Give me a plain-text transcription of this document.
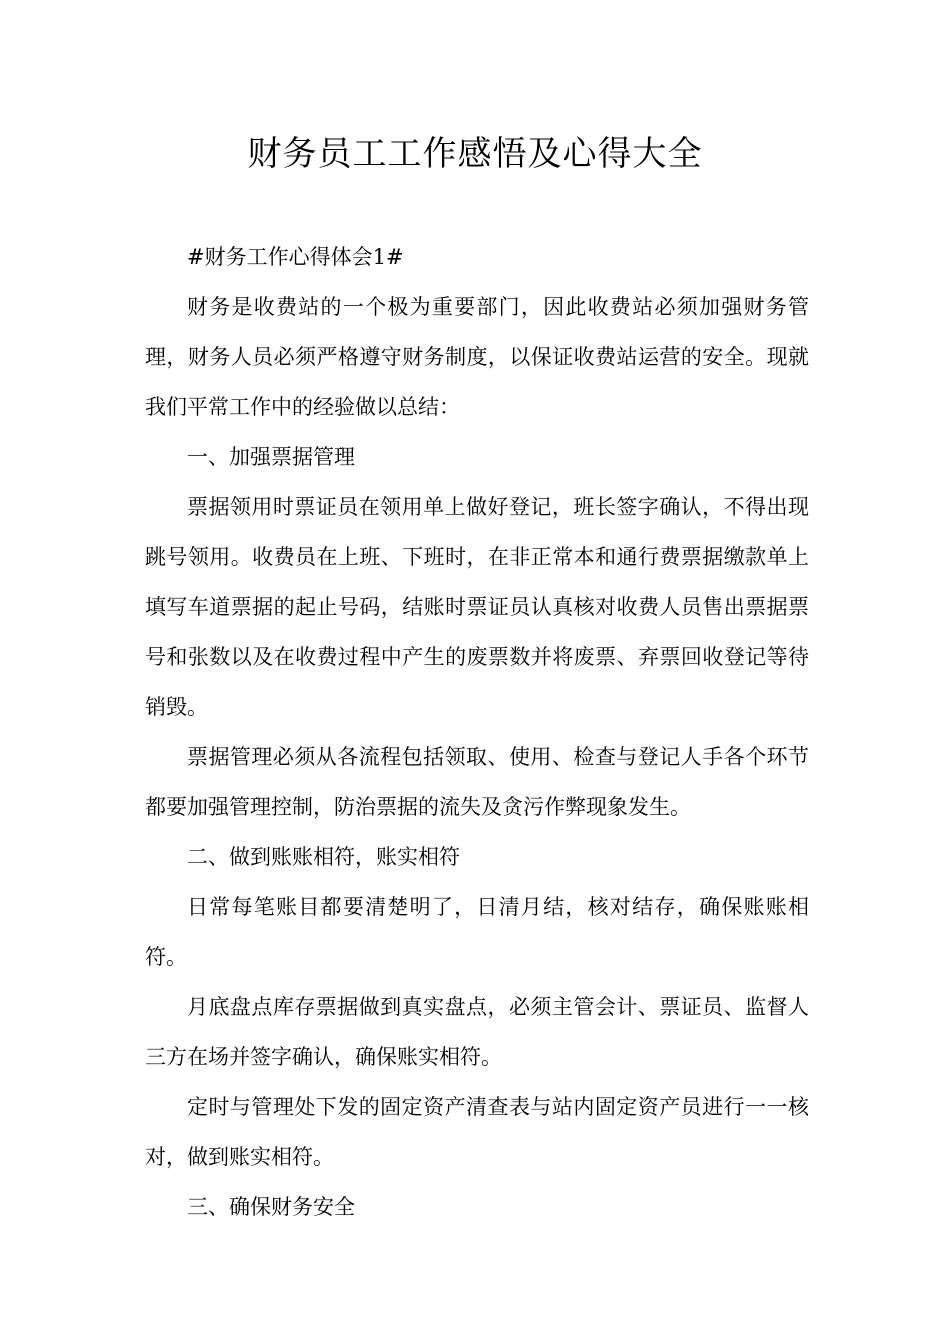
财务员工工作感悟及心得大全

#财务工作心得体会1#

财务是收费站的一个极为重要部门，因此收费站必须加强财务管理，财务人员必须严格遵守财务制度，以保证收费站运营的安全。现就我们平常工作中的经验做以总结：

一、加强票据管理

票据领用时票证员在领用单上做好登记，班长签字确认，不得出现跳号领用。收费员在上班、下班时，在非正常本和通行费票据缴款单上填写车道票据的起止号码，结账时票证员认真核对收费人员售出票据票号和张数以及在收费过程中产生的废票数并将废票、弃票回收登记等待销毁。

票据管理必须从各流程包括领取、使用、检查与登记人手各个环节都要加强管理控制，防治票据的流失及贪污作弊现象发生。

二、做到账账相符，账实相符

日常每笔账目都要清楚明了，日清月结，核对结存，确保账账相符。

月底盘点库存票据做到真实盘点，必须主管会计、票证员、监督人三方在场并签字确认，确保账实相符。

定时与管理处下发的固定资产清查表与站内固定资产员进行一一核对，做到账实相符。

三、确保财务安全
